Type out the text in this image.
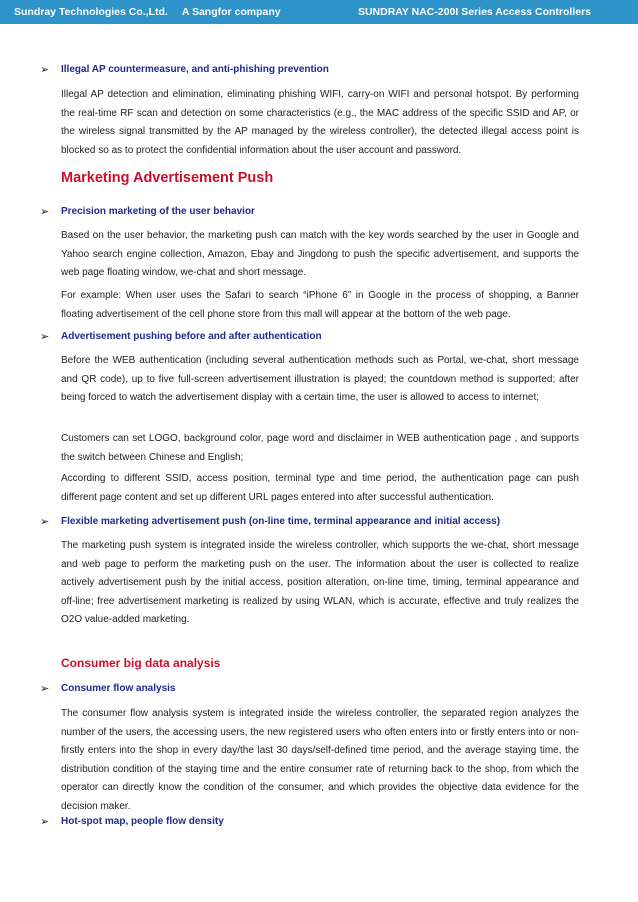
Sundray Technologies Co.,Ltd. A Sangfor company	SUNDRAY NAC-200I Series Access Controllers
➢ Illegal AP countermeasure, and anti-phishing prevention
Illegal AP detection and elimination, eliminating phishing WIFI, carry-on WIFI and personal hotspot. By performing the real-time RF scan and detection on some characteristics (e.g., the MAC address of the specific SSID and AP, or the wireless signal transmitted by the AP managed by the wireless controller), the detected illegal access point is blocked so as to protect the confidential information about the user account and password.
Marketing Advertisement Push
➢ Precision marketing of the user behavior
Based on the user behavior, the marketing push can match with the key words searched by the user in Google and Yahoo search engine collection, Amazon, Ebay and Jingdong to push the specific advertisement, and supports the web page floating window, we-chat and short message.
For example: When user uses the Safari to search “iPhone 6” in Google in the process of shopping, a Banner floating advertisement of the cell phone store from this mall will appear at the bottom of the web page.
➢ Advertisement pushing before and after authentication
Before the WEB authentication (including several authentication methods such as Portal, we-chat, short message and QR code), up to five full-screen advertisement illustration is played; the countdown method is supported; after being forced to watch the advertisement display with a certain time, the user is allowed to access to internet;
Customers can set LOGO, background color, page word and disclaimer in WEB authentication page , and supports the switch between Chinese and English;
According to different SSID, access position, terminal type and time period, the authentication page can push different page content and set up different URL pages entered into after successful authentication.
➢ Flexible marketing advertisement push (on-line time, terminal appearance and initial access)
The marketing push system is integrated inside the wireless controller, which supports the we-chat, short message and web page to perform the marketing push on the user. The information about the user is collected to realize actively advertisement push by the initial access, position alteration, on-line time, timing, terminal appearance and off-line; free advertisement marketing is realized by using WLAN, which is accurate, effective and truly realizes the O2O value-added marketing.
Consumer big data analysis
➢ Consumer flow analysis
The consumer flow analysis system is integrated inside the wireless controller, the separated region analyzes the number of the users, the accessing users, the new registered users who often enters into or firstly enters into or non-firstly enters into the shop in every day/the last 30 days/self-defined time period, and the average staying time, the distribution condition of the staying time and the entire consumer rate of returning back to the shop, from which the operator can directly know the condition of the consumer, and which provides the objective data evidence for the decision maker.
➢ Hot-spot map, people flow density
